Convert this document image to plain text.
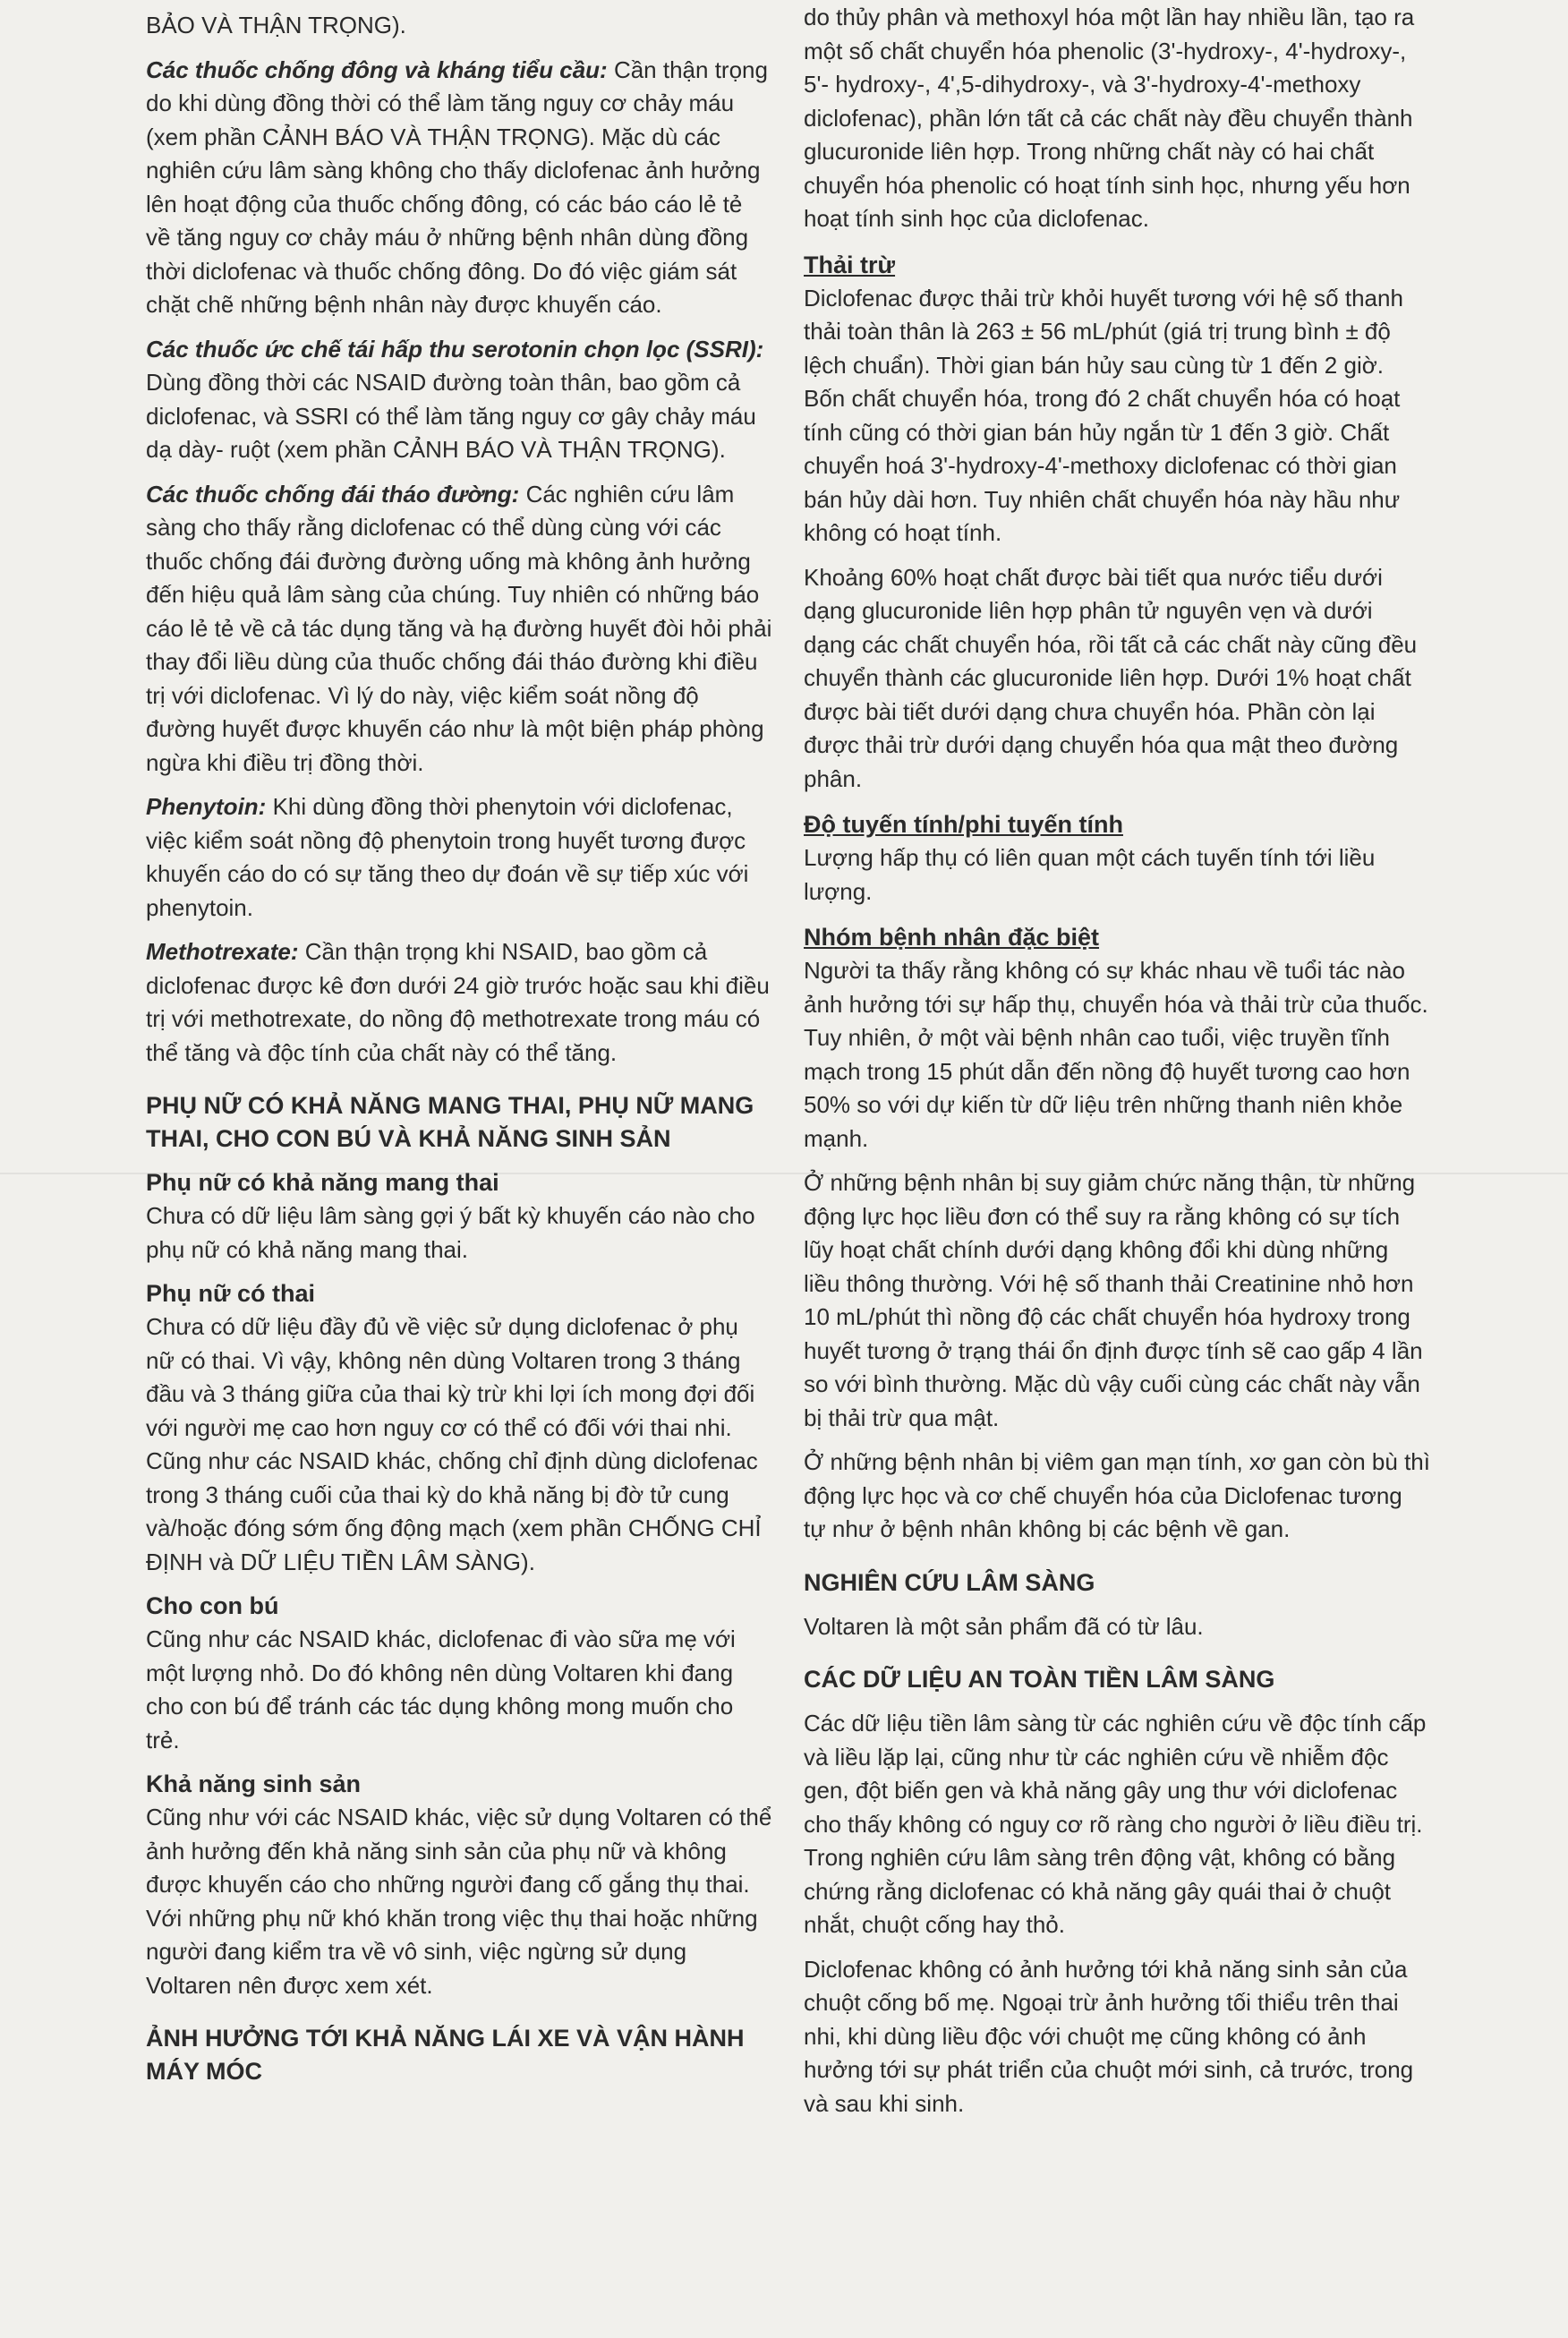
BẢO VÀ THẬN TRỌNG).

Các thuốc chống đông và kháng tiểu cầu: Cần thận trọng do khi dùng đồng thời có thể làm tăng nguy cơ chảy máu (xem phần CẢNH BÁO VÀ THẬN TRỌNG). Mặc dù các nghiên cứu lâm sàng không cho thấy diclofenac ảnh hưởng lên hoạt động của thuốc chống đông, có các báo cáo lẻ tẻ về tăng nguy cơ chảy máu ở những bệnh nhân dùng đồng thời diclofenac và thuốc chống đông. Do đó việc giám sát chặt chẽ những bệnh nhân này được khuyến cáo.

Các thuốc ức chế tái hấp thu serotonin chọn lọc (SSRI): Dùng đồng thời các NSAID đường toàn thân, bao gồm cả diclofenac, và SSRI có thể làm tăng nguy cơ gây chảy máu dạ dày- ruột (xem phần CẢNH BÁO VÀ THẬN TRỌNG).

Các thuốc chống đái tháo đường: Các nghiên cứu lâm sàng cho thấy rằng diclofenac có thể dùng cùng với các thuốc chống đái đường đường uống mà không ảnh hưởng đến hiệu quả lâm sàng của chúng. Tuy nhiên có những báo cáo lẻ tẻ về cả tác dụng tăng và hạ đường huyết đòi hỏi phải thay đổi liều dùng của thuốc chống đái tháo đường khi điều trị với diclofenac. Vì lý do này, việc kiểm soát nồng độ đường huyết được khuyến cáo như là một biện pháp phòng ngừa khi điều trị đồng thời.

Phenytoin: Khi dùng đồng thời phenytoin với diclofenac, việc kiểm soát nồng độ phenytoin trong huyết tương được khuyến cáo do có sự tăng theo dự đoán về sự tiếp xúc với phenytoin.

Methotrexate: Cần thận trọng khi NSAID, bao gồm cả diclofenac được kê đơn dưới 24 giờ trước hoặc sau khi điều trị với methotrexate, do nồng độ methotrexate trong máu có thể tăng và độc tính của chất này có thể tăng.

PHỤ NỮ CÓ KHẢ NĂNG MANG THAI, PHỤ NỮ MANG THAI, CHO CON BÚ VÀ KHẢ NĂNG SINH SẢN
Phụ nữ có khả năng mang thai

Chưa có dữ liệu lâm sàng gợi ý bất kỳ khuyến cáo nào cho phụ nữ có khả năng mang thai.

Phụ nữ có thai

Chưa có dữ liệu đầy đủ về việc sử dụng diclofenac ở phụ nữ có thai. Vì vậy, không nên dùng Voltaren trong 3 tháng đầu và 3 tháng giữa của thai kỳ trừ khi lợi ích mong đợi đối với người mẹ cao hơn nguy cơ có thể có đối với thai nhi. Cũng như các NSAID khác, chống chỉ định dùng diclofenac trong 3 tháng cuối của thai kỳ do khả năng bị đờ tử cung và/hoặc đóng sớm ống động mạch (xem phần CHỐNG CHỈ ĐỊNH và DỮ LIỆU TIỀN LÂM SÀNG).

Cho con bú

Cũng như các NSAID khác, diclofenac đi vào sữa mẹ với một lượng nhỏ. Do đó không nên dùng Voltaren khi đang cho con bú để tránh các tác dụng không mong muốn cho trẻ.

Khả năng sinh sản

Cũng như với các NSAID khác, việc sử dụng Voltaren có thể ảnh hưởng đến khả năng sinh sản của phụ nữ và không được khuyến cáo cho những người đang cố gắng thụ thai. Với những phụ nữ khó khăn trong việc thụ thai hoặc những người đang kiểm tra về vô sinh, việc ngừng sử dụng Voltaren nên được xem xét.

ẢNH HƯỞNG TỚI KHẢ NĂNG LÁI XE VÀ VẬN HÀNH MÁY MÓC

do thủy phân và methoxyl hóa một lần hay nhiều lần, tạo ra một số chất chuyển hóa phenolic (3'-hydroxy-, 4'-hydroxy-, 5'- hydroxy-, 4',5-dihydroxy-, và 3'-hydroxy-4'-methoxy diclofenac), phần lớn tất cả các chất này đều chuyển thành glucuronide liên hợp. Trong những chất này có hai chất chuyển hóa phenolic có hoạt tính sinh học, nhưng yếu hơn hoạt tính sinh học của diclofenac.

Thải trừ

Diclofenac được thải trừ khỏi huyết tương với hệ số thanh thải toàn thân là 263 ± 56 mL/phút (giá trị trung bình ± độ lệch chuẩn). Thời gian bán hủy sau cùng từ 1 đến 2 giờ. Bốn chất chuyển hóa, trong đó 2 chất chuyển hóa có hoạt tính cũng có thời gian bán hủy ngắn từ 1 đến 3 giờ. Chất chuyển hoá 3'-hydroxy-4'-methoxy diclofenac có thời gian bán hủy dài hơn. Tuy nhiên chất chuyển hóa này hầu như không có hoạt tính.

Khoảng 60% hoạt chất được bài tiết qua nước tiểu dưới dạng glucuronide liên hợp phân tử nguyên vẹn và dưới dạng các chất chuyển hóa, rồi tất cả các chất này cũng đều chuyển thành các glucuronide liên hợp. Dưới 1% hoạt chất được bài tiết dưới dạng chưa chuyển hóa. Phần còn lại được thải trừ dưới dạng chuyển hóa qua mật theo đường phân.

Độ tuyến tính/phi tuyến tính

Lượng hấp thụ có liên quan một cách tuyến tính tới liều lượng.

Nhóm bệnh nhân đặc biệt

Người ta thấy rằng không có sự khác nhau về tuổi tác nào ảnh hưởng tới sự hấp thụ, chuyển hóa và thải trừ của thuốc. Tuy nhiên, ở một vài bệnh nhân cao tuổi, việc truyền tĩnh mạch trong 15 phút dẫn đến nồng độ huyết tương cao hơn 50% so với dự kiến từ dữ liệu trên những thanh niên khỏe mạnh.

Ở những bệnh nhân bị suy giảm chức năng thận, từ những động lực học liều đơn có thể suy ra rằng không có sự tích lũy hoạt chất chính dưới dạng không đổi khi dùng những liều thông thường. Với hệ số thanh thải Creatinine nhỏ hơn 10 mL/phút thì nồng độ các chất chuyển hóa hydroxy trong huyết tương ở trạng thái ổn định được tính sẽ cao gấp 4 lần so với bình thường. Mặc dù vậy cuối cùng các chất này vẫn bị thải trừ qua mật.

Ở những bệnh nhân bị viêm gan mạn tính, xơ gan còn bù thì động lực học và cơ chế chuyển hóa của Diclofenac tương tự như ở bệnh nhân không bị các bệnh về gan.

NGHIÊN CỨU LÂM SÀNG

Voltaren là một sản phẩm đã có từ lâu.

CÁC DỮ LIỆU AN TOÀN TIỀN LÂM SÀNG

Các dữ liệu tiền lâm sàng từ các nghiên cứu về độc tính cấp và liều lặp lại, cũng như từ các nghiên cứu về nhiễm độc gen, đột biến gen và khả năng gây ung thư với diclofenac cho thấy không có nguy cơ rõ ràng cho người ở liều điều trị. Trong nghiên cứu lâm sàng trên động vật, không có bằng chứng rằng diclofenac có khả năng gây quái thai ở chuột nhắt, chuột cống hay thỏ.

Diclofenac không có ảnh hưởng tới khả năng sinh sản của chuột cống bố mẹ. Ngoại trừ ảnh hưởng tối thiểu trên thai nhi, khi dùng liều độc với chuột mẹ cũng không có ảnh hưởng tới sự phát triển của chuột mới sinh, cả trước, trong và sau khi sinh.
